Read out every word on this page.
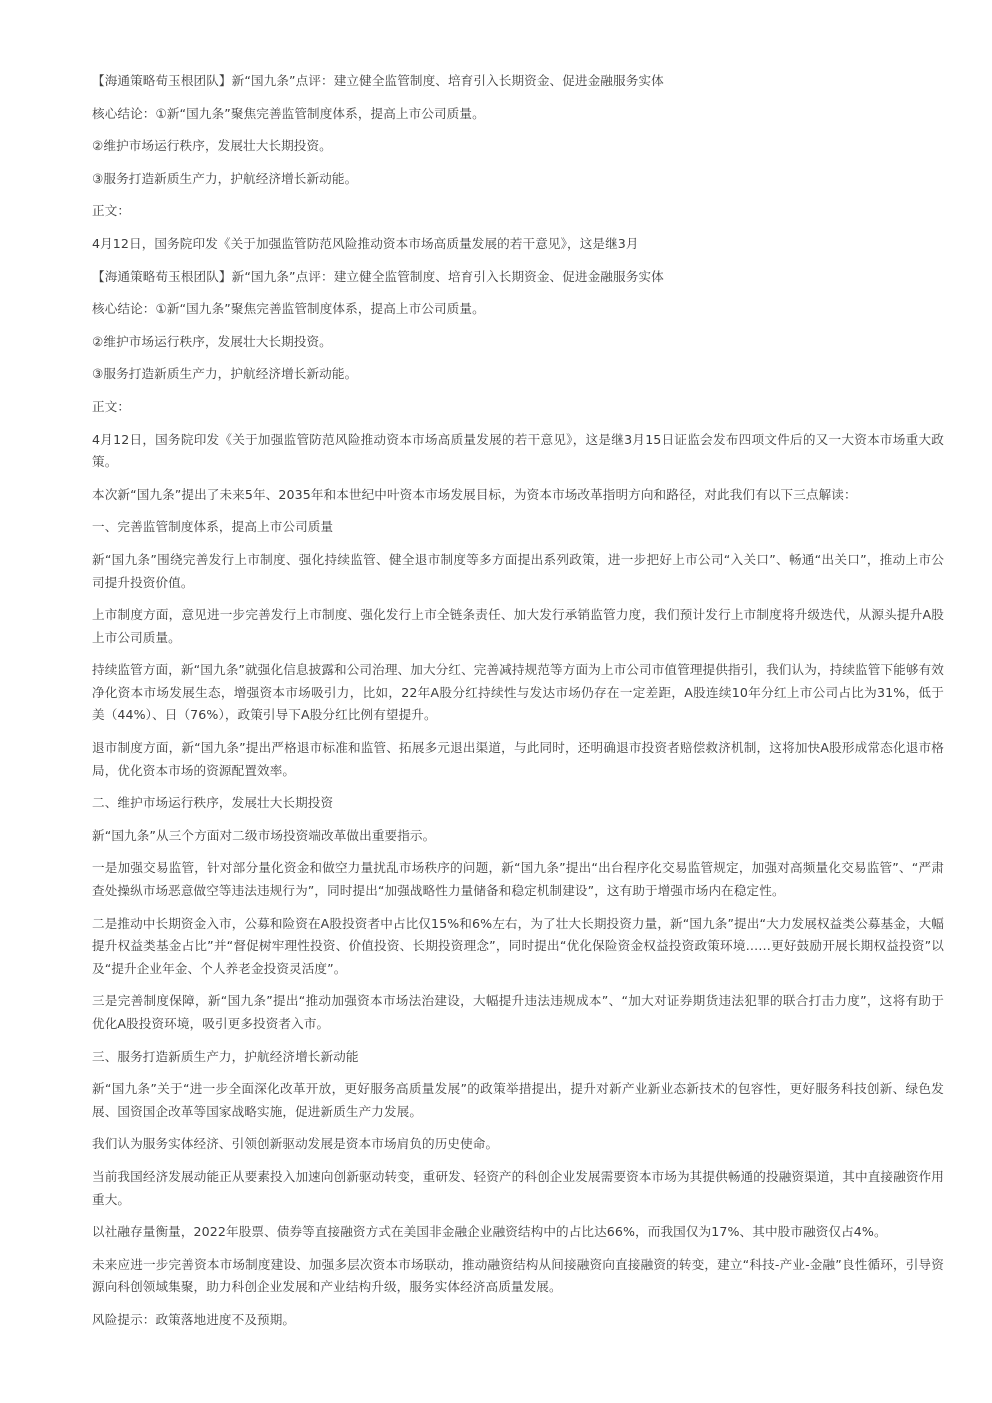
【海通策略荀玉根团队】新“国九条”点评：建立健全监管制度、培育引入长期资金、促进金融服务实体

核心结论：①新“国九条”聚焦完善监管制度体系，提高上市公司质量。

②维护市场运行秩序，发展壮大长期投资。

③服务打造新质生产力，护航经济增长新动能。

正文：

4月12日，国务院印发《关于加强监管防范风险推动资本市场高质量发展的若干意见》，这是继3月

【海通策略荀玉根团队】新“国九条”点评：建立健全监管制度、培育引入长期资金、促进金融服务实体

核心结论：①新“国九条”聚焦完善监管制度体系，提高上市公司质量。

②维护市场运行秩序，发展壮大长期投资。

③服务打造新质生产力，护航经济增长新动能。

正文：

4月12日，国务院印发《关于加强监管防范风险推动资本市场高质量发展的若干意见》，这是继3月15日证监会发布四项文件后的又一大资本市场重大政策。

本次新“国九条”提出了未来5年、2035年和本世纪中叶资本市场发展目标，为资本市场改革指明方向和路径，对此我们有以下三点解读：

一、完善监管制度体系，提高上市公司质量

新“国九条”围绕完善发行上市制度、强化持续监管、健全退市制度等多方面提出系列政策，进一步把好上市公司“入关口”、畅通“出关口”，推动上市公司提升投资价值。

上市制度方面，意见进一步完善发行上市制度、强化发行上市全链条责任、加大发行承销监管力度，我们预计发行上市制度将升级迭代，从源头提升A股上市公司质量。

持续监管方面，新“国九条”就强化信息披露和公司治理、加大分红、完善减持规范等方面为上市公司市值管理提供指引，我们认为，持续监管下能够有效净化资本市场发展生态，增强资本市场吸引力，比如，22年A股分红持续性与发达市场仍存在一定差距，A股连续10年分红上市公司占比为31%，低于美（44%）、日（76%），政策引导下A股分红比例有望提升。

退市制度方面，新“国九条”提出严格退市标准和监管、拓展多元退出渠道，与此同时，还明确退市投资者赔偿救济机制，这将加快A股形成常态化退市格局，优化资本市场的资源配置效率。

二、维护市场运行秩序，发展壮大长期投资

新“国九条”从三个方面对二级市场投资端改革做出重要指示。

一是加强交易监管，针对部分量化资金和做空力量扰乱市场秩序的问题，新“国九条”提出“出台程序化交易监管规定，加强对高频量化交易监管”、“严肃查处操纵市场恶意做空等违法违规行为”，同时提出“加强战略性力量储备和稳定机制建设”，这有助于增强市场内在稳定性。

二是推动中长期资金入市，公募和险资在A股投资者中占比仅15%和6%左右，为了壮大长期投资力量，新“国九条”提出“大力发展权益类公募基金，大幅提升权益类基金占比”并“督促树牢理性投资、价值投资、长期投资理念”，同时提出“优化保险资金权益投资政策环境……更好鼓励开展长期权益投资”以及“提升企业年金、个人养老金投资灵活度”。

三是完善制度保障，新“国九条”提出“推动加强资本市场法治建设，大幅提升违法违规成本”、“加大对证券期货违法犯罪的联合打击力度”，这将有助于优化A股投资环境，吸引更多投资者入市。

三、服务打造新质生产力，护航经济增长新动能

新“国九条”关于“进一步全面深化改革开放，更好服务高质量发展”的政策举措提出，提升对新产业新业态新技术的包容性，更好服务科技创新、绿色发展、国资国企改革等国家战略实施，促进新质生产力发展。

我们认为服务实体经济、引领创新驱动发展是资本市场肩负的历史使命。

当前我国经济发展动能正从要素投入加速向创新驱动转变，重研发、轻资产的科创企业发展需要资本市场为其提供畅通的投融资渠道，其中直接融资作用重大。

以社融存量衡量，2022年股票、债券等直接融资方式在美国非金融企业融资结构中的占比达66%，而我国仅为17%、其中股市融资仅占4%。

未来应进一步完善资本市场制度建设、加强多层次资本市场联动，推动融资结构从间接融资向直接融资的转变，建立“科技-产业-金融”良性循环，引导资源向科创领域集聚，助力科创企业发展和产业结构升级，服务实体经济高质量发展。

风险提示：政策落地进度不及预期。
